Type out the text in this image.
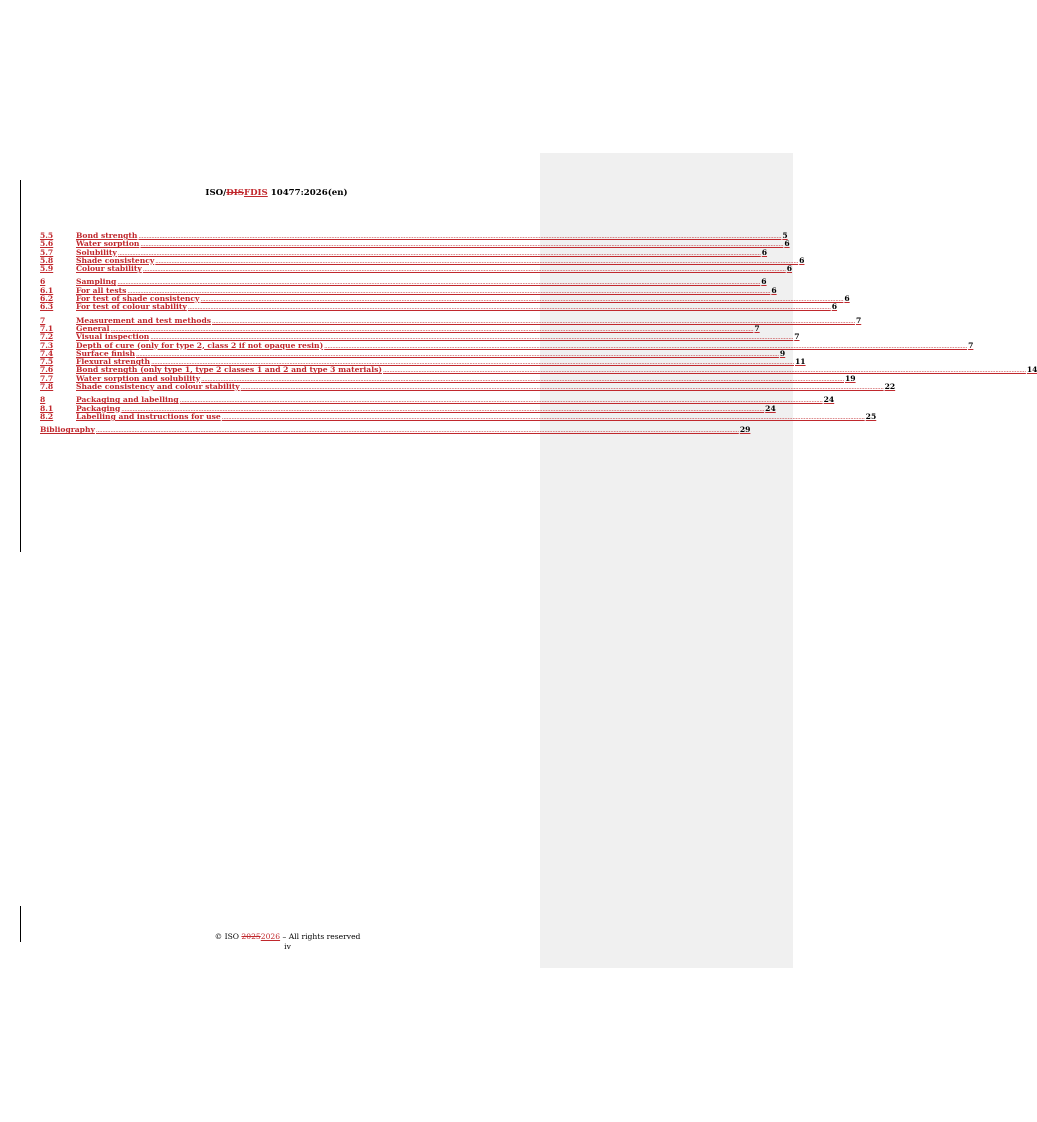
ISO/DISFDIS 10477:2026(en)
5.5	Bond strength ................................................................................................................................................................................................................................................................................................................................................................................................................ 5
5.6	Water sorption ................................................................................................................................................................................................................................................................................................................................................................................................................ 6
5.7	Solubility ................................................................................................................................................................................................................................................................................................................................................................................................................ 6
5.8	Shade consistency ................................................................................................................................................................................................................................................................................................................................................................................................................ 6
5.9	Colour stability ................................................................................................................................................................................................................................................................................................................................................................................................................ 6
6	Sampling ................................................................................................................................................................................................................................................................................................................................................................................................................ 6
6.1	For all tests ................................................................................................................................................................................................................................................................................................................................................................................................................ 6
6.2	For test of shade consistency ................................................................................................................................................................................................................................................................................................................................................................................................................ 6
6.3	For test of colour stability ................................................................................................................................................................................................................................................................................................................................................................................................................ 6
7	Measurement and test methods ................................................................................................................................................................................................................................................................................................................................................................................................................ 7
7.1	General ................................................................................................................................................................................................................................................................................................................................................................................................................ 7
7.2	Visual inspection ................................................................................................................................................................................................................................................................................................................................................................................................................ 7
7.3	Depth of cure (only for type 2, class 2 if not opaque resin) ................................................................................................................................................................................................................................................................................................................................................................................................................ 7
7.4	Surface finish ................................................................................................................................................................................................................................................................................................................................................................................................................ 9
7.5	Flexural strength ................................................................................................................................................................................................................................................................................................................................................................................................................ 11
7.6	Bond strength (only type 1, type 2 classes 1 and 2 and type 3 materials) ................................................................................................................................................................................................................................................................................................................................................................................................................ 14
7.7	Water sorption and solubility ................................................................................................................................................................................................................................................................................................................................................................................................................ 19
7.8	Shade consistency and colour stability ................................................................................................................................................................................................................................................................................................................................................................................................................ 22
8	Packaging and labelling ................................................................................................................................................................................................................................................................................................................................................................................................................ 24
8.1	Packaging ................................................................................................................................................................................................................................................................................................................................................................................................................ 24
8.2	Labelling and instructions for use ................................................................................................................................................................................................................................................................................................................................................................................................................ 25
Bibliography ................................................................................................................................................................................................................................................................................................................................................................................................................ 29
© ISO 20252026 – All rights reserved
iv
